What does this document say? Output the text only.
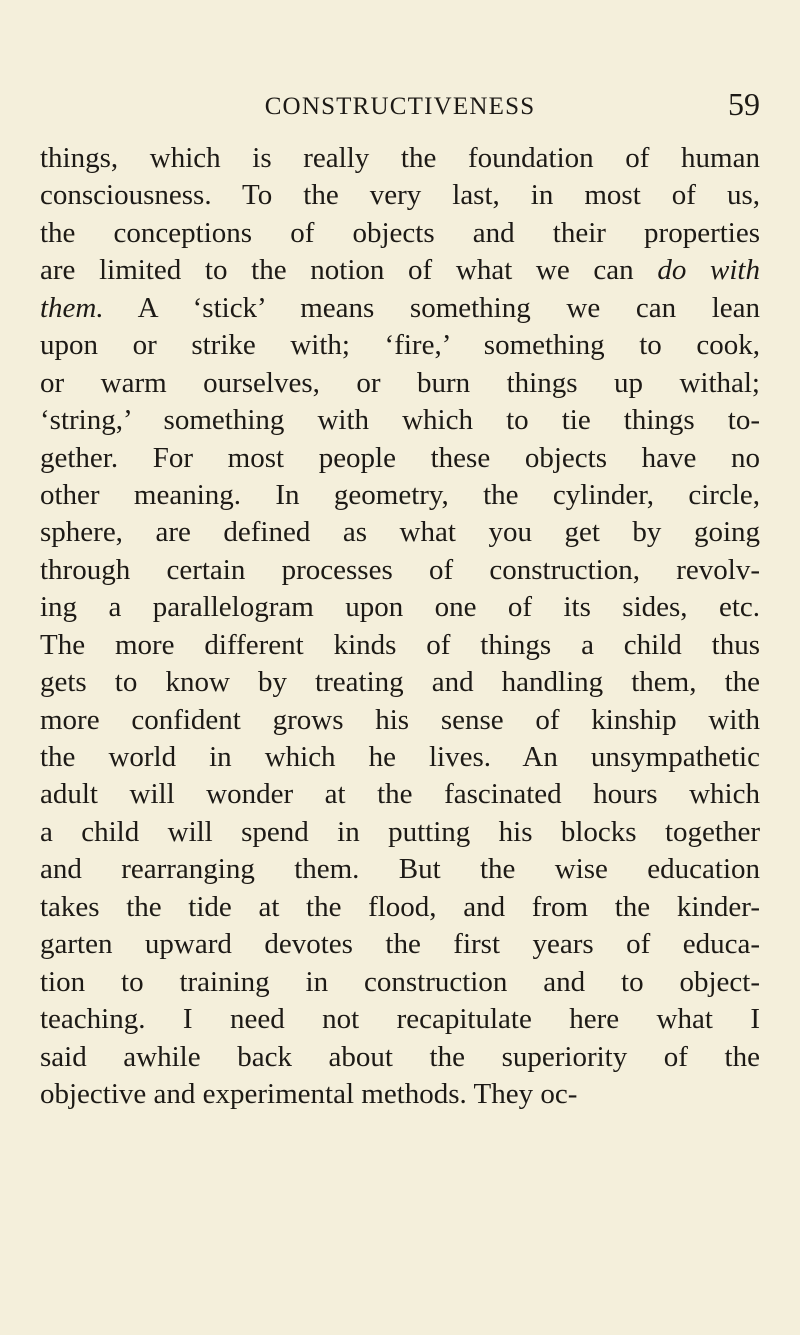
CONSTRUCTIVENESS	59
things, which is really the foundation of human
consciousness. To the very last, in most of us,
the conceptions of objects and their properties
are limited to the notion of what we can do with
them. A ‘stick’ means something we can lean
upon or strike with; ‘fire,’ something to cook,
or warm ourselves, or burn things up withal;
‘string,’ something with which to tie things to-
gether. For most people these objects have no
other meaning. In geometry, the cylinder, circle,
sphere, are defined as what you get by going
through certain processes of construction, revolv-
ing a parallelogram upon one of its sides, etc.
The more different kinds of things a child thus
gets to know by treating and handling them, the
more confident grows his sense of kinship with
the world in which he lives. An unsympathetic
adult will wonder at the fascinated hours which
a child will spend in putting his blocks together
and rearranging them. But the wise education
takes the tide at the flood, and from the kinder-
garten upward devotes the first years of educa-
tion to training in construction and to object-
teaching. I need not recapitulate here what I
said awhile back about the superiority of the
objective and experimental methods. They oc-
